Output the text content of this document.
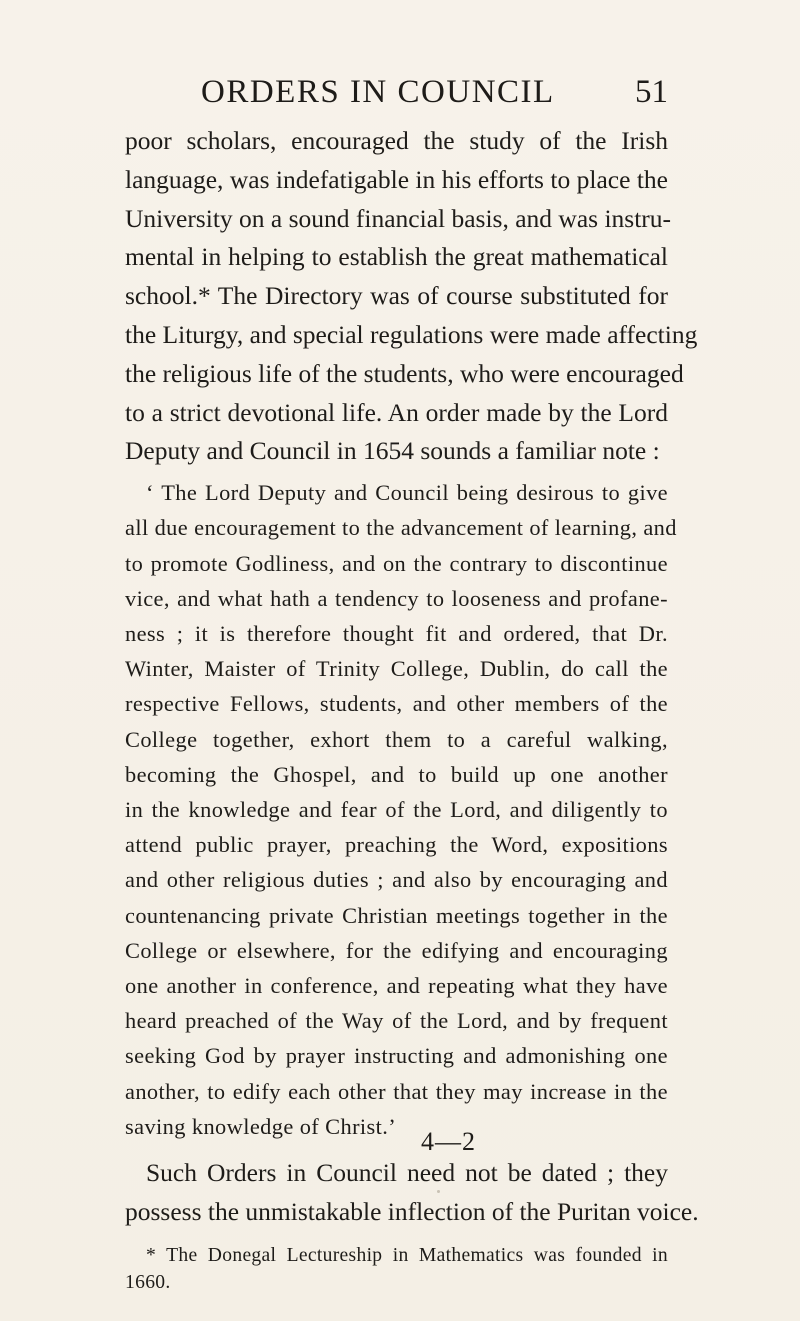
ORDERS IN COUNCIL 51
poor scholars, encouraged the study of the Irish
language, was indefatigable in his efforts to place the
University on a sound financial basis, and was instru-
mental in helping to establish the great mathematical
school.* The Directory was of course substituted for
the Liturgy, and special regulations were made affecting
the religious life of the students, who were encouraged
to a strict devotional life. An order made by the Lord
Deputy and Council in 1654 sounds a familiar note :
‘ The Lord Deputy and Council being desirous to give
all due encouragement to the advancement of learning, and
to promote Godliness, and on the contrary to discontinue
vice, and what hath a tendency to looseness and profane-
ness ; it is therefore thought fit and ordered, that Dr.
Winter, Maister of Trinity College, Dublin, do call the
respective Fellows, students, and other members of the
College together, exhort them to a careful walking,
becoming the Ghospel, and to build up one another
in the knowledge and fear of the Lord, and diligently to
attend public prayer, preaching the Word, expositions
and other religious duties ; and also by encouraging and
countenancing private Christian meetings together in the
College or elsewhere, for the edifying and encouraging
one another in conference, and repeating what they have
heard preached of the Way of the Lord, and by frequent
seeking God by prayer instructing and admonishing one
another, to edify each other that they may increase in the
saving knowledge of Christ.’
Such Orders in Council need not be dated ; they
possess the unmistakable inflection of the Puritan voice.
* The Donegal Lectureship in Mathematics was founded in
1660.
4—2
